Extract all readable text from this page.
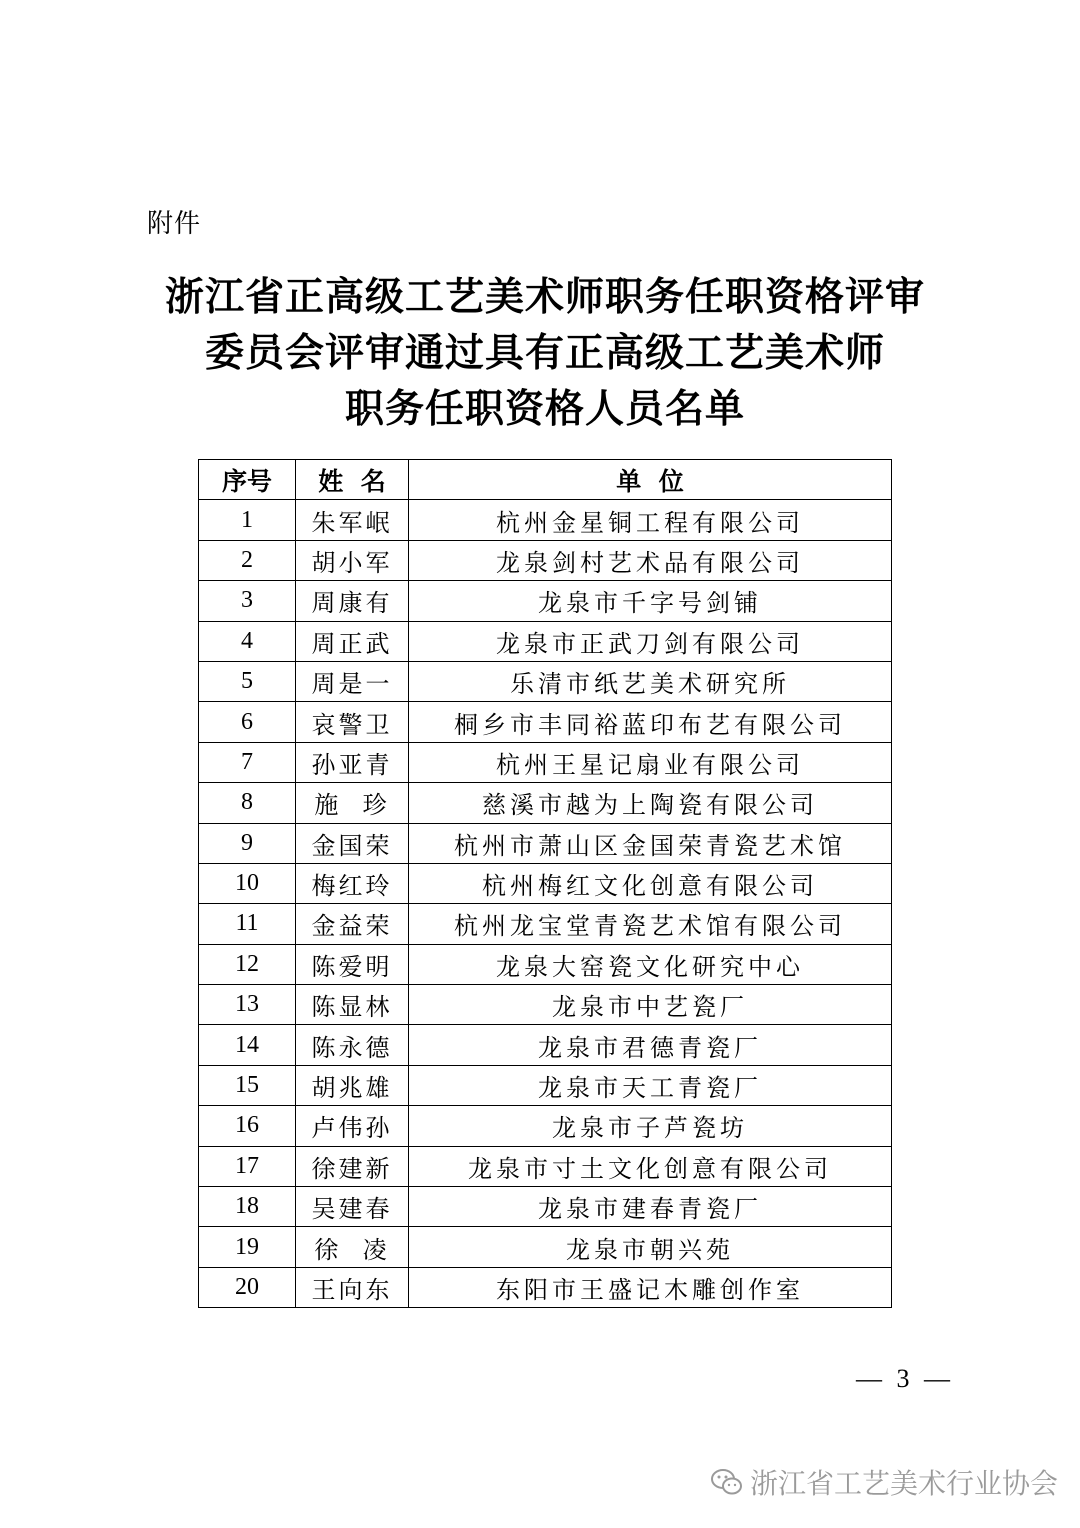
附件
浙江省正高级工艺美术师职务任职资格评审
委员会评审通过具有正高级工艺美术师
职务任职资格人员名单
序号	姓  名	单  位
1	朱军岷	杭州金星铜工程有限公司
2	胡小军	龙泉剑村艺术品有限公司
3	周康有	龙泉市千字号剑铺
4	周正武	龙泉市正武刀剑有限公司
5	周是一	乐清市纸艺美术研究所
6	哀警卫	桐乡市丰同裕蓝印布艺有限公司
7	孙亚青	杭州王星记扇业有限公司
8	施  珍	慈溪市越为上陶瓷有限公司
9	金国荣	杭州市萧山区金国荣青瓷艺术馆
10	梅红玲	杭州梅红文化创意有限公司
11	金益荣	杭州龙宝堂青瓷艺术馆有限公司
12	陈爱明	龙泉大窑瓷文化研究中心
13	陈显林	龙泉市中艺瓷厂
14	陈永德	龙泉市君德青瓷厂
15	胡兆雄	龙泉市天工青瓷厂
16	卢伟孙	龙泉市子芦瓷坊
17	徐建新	龙泉市寸土文化创意有限公司
18	吴建春	龙泉市建春青瓷厂
19	徐  凌	龙泉市朝兴苑
20	王向东	东阳市王盛记木雕创作室
— 3 —
浙江省工艺美术行业协会
